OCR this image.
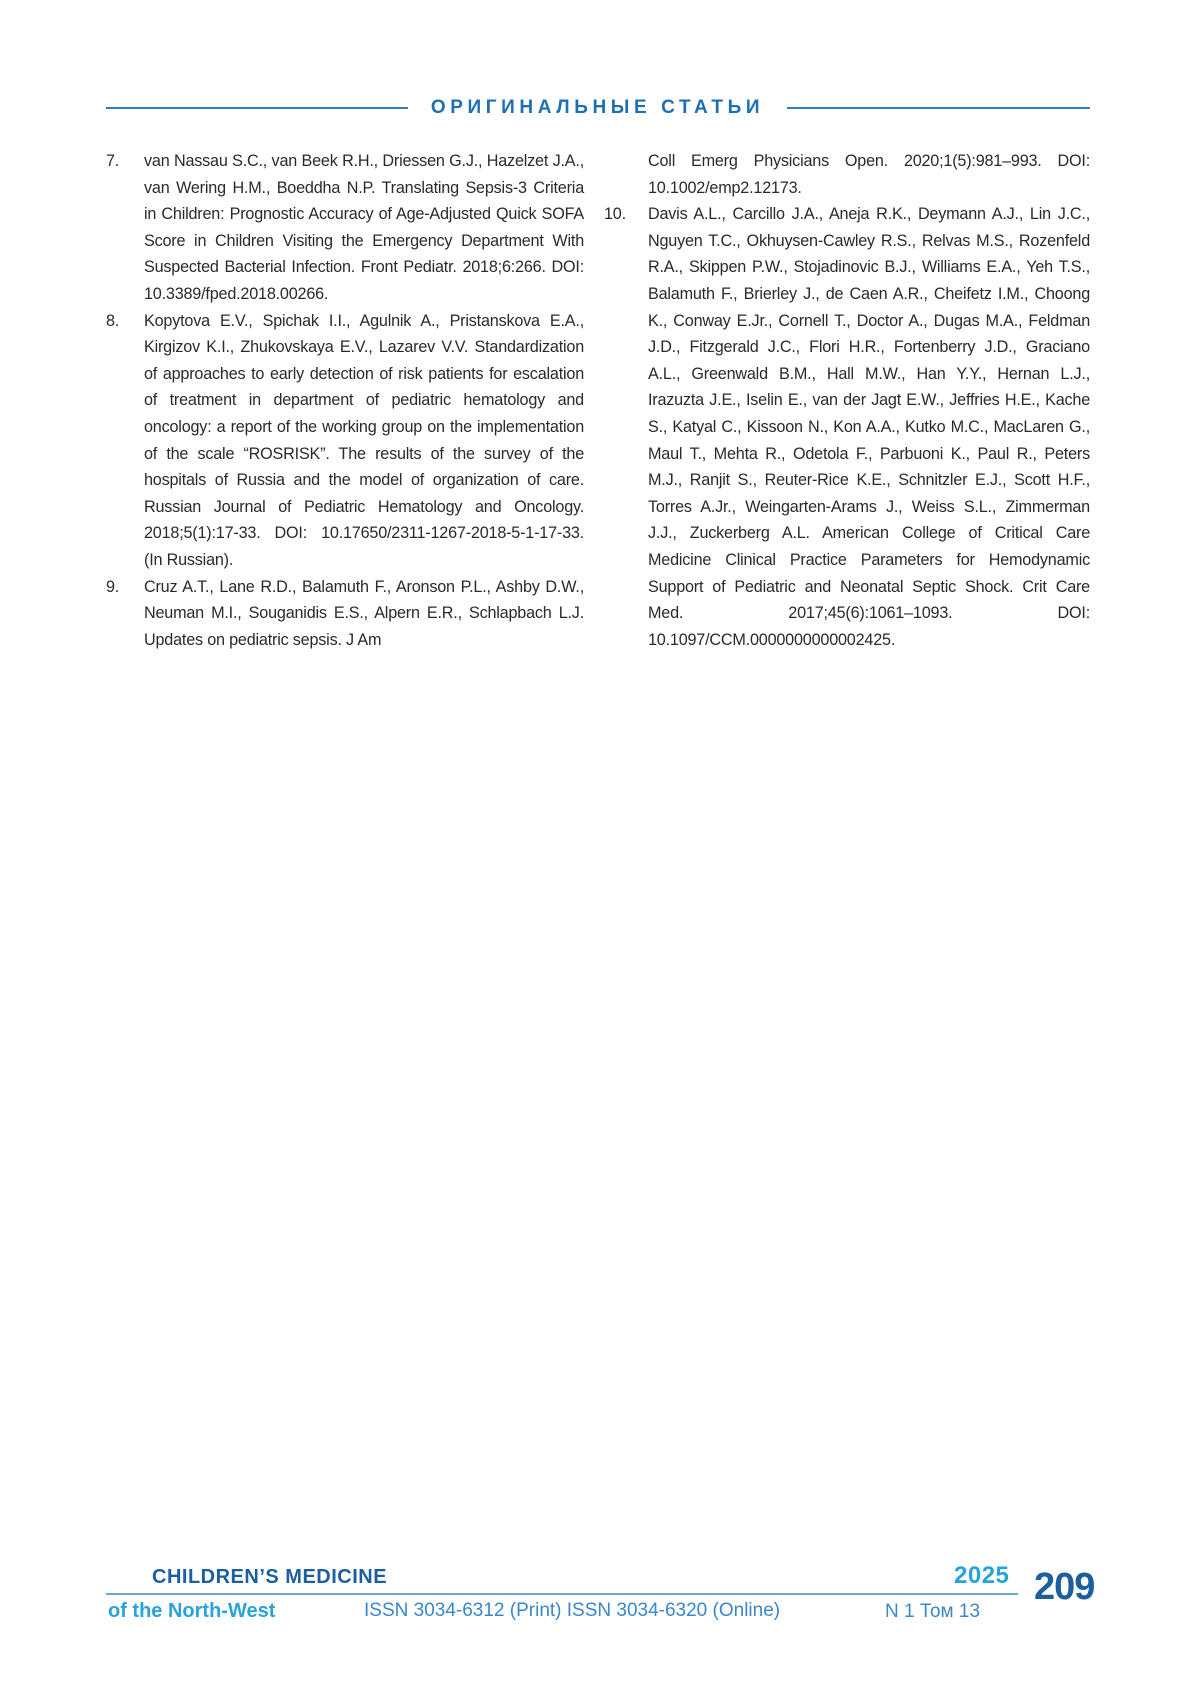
ОРИГИНАЛЬНЫЕ СТАТЬИ
7. van Nassau S.C., van Beek R.H., Driessen G.J., Hazelzet J.A., van Wering H.M., Boeddha N.P. Translating Sepsis-3 Criteria in Children: Prognostic Accuracy of Age-Adjusted Quick SOFA Score in Children Visiting the Emergency Department With Suspected Bacterial Infection. Front Pediatr. 2018;6:266. DOI: 10.3389/fped.2018.00266.
8. Kopytova E.V., Spichak I.I., Agulnik A., Pristanskova E.A., Kirgizov K.I., Zhukovskaya E.V., Lazarev V.V. Standardization of approaches to early detection of risk patients for escalation of treatment in department of pediatric hematology and oncology: a report of the working group on the implementation of the scale “ROSRISK”. The results of the survey of the hospitals of Russia and the model of organization of care. Russian Journal of Pediatric Hematology and Oncology. 2018;5(1):17-33. DOI: 10.17650/2311-1267-2018-5-1-17-33. (In Russian).
9. Cruz A.T., Lane R.D., Balamuth F., Aronson P.L., Ashby D.W., Neuman M.I., Souganidis E.S., Alpern E.R., Schlapbach L.J. Updates on pediatric sepsis. J Am
Coll Emerg Physicians Open. 2020;1(5):981–993. DOI: 10.1002/emp2.12173.
10. Davis A.L., Carcillo J.A., Aneja R.K., Deymann A.J., Lin J.C., Nguyen T.C., Okhuysen-Cawley R.S., Relvas M.S., Rozenfeld R.A., Skippen P.W., Stojadinovic B.J., Williams E.A., Yeh T.S., Balamuth F., Brierley J., de Caen A.R., Cheifetz I.M., Choong K., Conway E.Jr., Cornell T., Doctor A., Dugas M.A., Feldman J.D., Fitzgerald J.C., Flori H.R., Fortenberry J.D., Graciano A.L., Greenwald B.M., Hall M.W., Han Y.Y., Hernan L.J., Irazuzta J.E., Iselin E., van der Jagt E.W., Jeffries H.E., Kache S., Katyal C., Kissoon N., Kon A.A., Kutko M.C., MacLaren G., Maul T., Mehta R., Odetola F., Parbuoni K., Paul R., Peters M.J., Ranjit S., Reuter-Rice K.E., Schnitzler E.J., Scott H.F., Torres A.Jr., Weingarten-Arams J., Weiss S.L., Zimmerman J.J., Zuckerberg A.L. American College of Critical Care Medicine Clinical Practice Parameters for Hemodynamic Support of Pediatric and Neonatal Septic Shock. Crit Care Med. 2017;45(6):1061–1093. DOI: 10.1097/CCM.0000000000002425.
CHILDREN’S MEDICINE
of the North-West	ISSN 3034-6312 (Print) ISSN 3034-6320 (Online)
2025
N 1 Том 13
209
